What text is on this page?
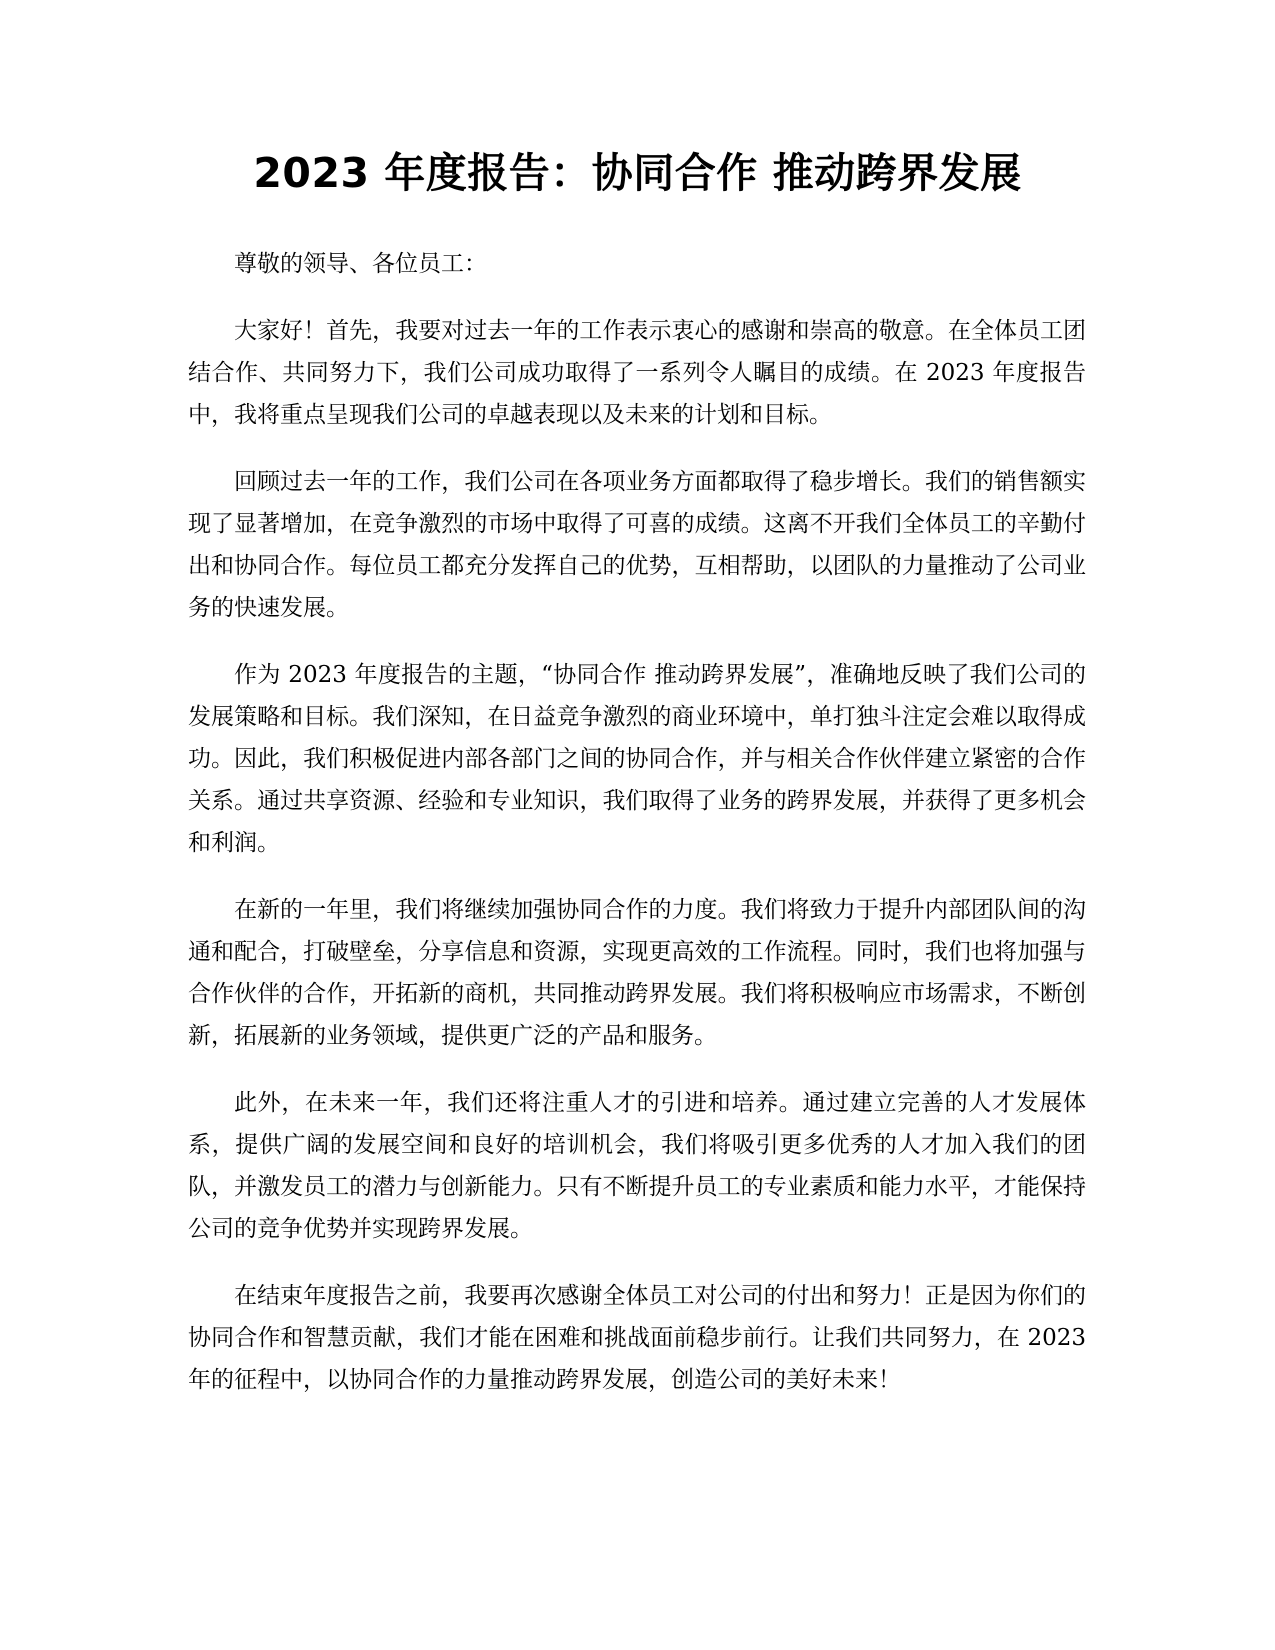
2023 年度报告：协同合作 推动跨界发展

尊敬的领导、各位员工：

大家好！首先，我要对过去一年的工作表示衷心的感谢和崇高的敬意。在全体员工团结合作、共同努力下，我们公司成功取得了一系列令人瞩目的成绩。在 2023 年度报告中，我将重点呈现我们公司的卓越表现以及未来的计划和目标。

回顾过去一年的工作，我们公司在各项业务方面都取得了稳步增长。我们的销售额实现了显著增加，在竞争激烈的市场中取得了可喜的成绩。这离不开我们全体员工的辛勤付出和协同合作。每位员工都充分发挥自己的优势，互相帮助，以团队的力量推动了公司业务的快速发展。

作为 2023 年度报告的主题，“协同合作 推动跨界发展”，准确地反映了我们公司的发展策略和目标。我们深知，在日益竞争激烈的商业环境中，单打独斗注定会难以取得成功。因此，我们积极促进内部各部门之间的协同合作，并与相关合作伙伴建立紧密的合作关系。通过共享资源、经验和专业知识，我们取得了业务的跨界发展，并获得了更多机会和利润。

在新的一年里，我们将继续加强协同合作的力度。我们将致力于提升内部团队间的沟通和配合，打破壁垒，分享信息和资源，实现更高效的工作流程。同时，我们也将加强与合作伙伴的合作，开拓新的商机，共同推动跨界发展。我们将积极响应市场需求，不断创新，拓展新的业务领域，提供更广泛的产品和服务。

此外，在未来一年，我们还将注重人才的引进和培养。通过建立完善的人才发展体系，提供广阔的发展空间和良好的培训机会，我们将吸引更多优秀的人才加入我们的团队，并激发员工的潜力与创新能力。只有不断提升员工的专业素质和能力水平，才能保持公司的竞争优势并实现跨界发展。

在结束年度报告之前，我要再次感谢全体员工对公司的付出和努力！正是因为你们的协同合作和智慧贡献，我们才能在困难和挑战面前稳步前行。让我们共同努力，在 2023 年的征程中，以协同合作的力量推动跨界发展，创造公司的美好未来！
